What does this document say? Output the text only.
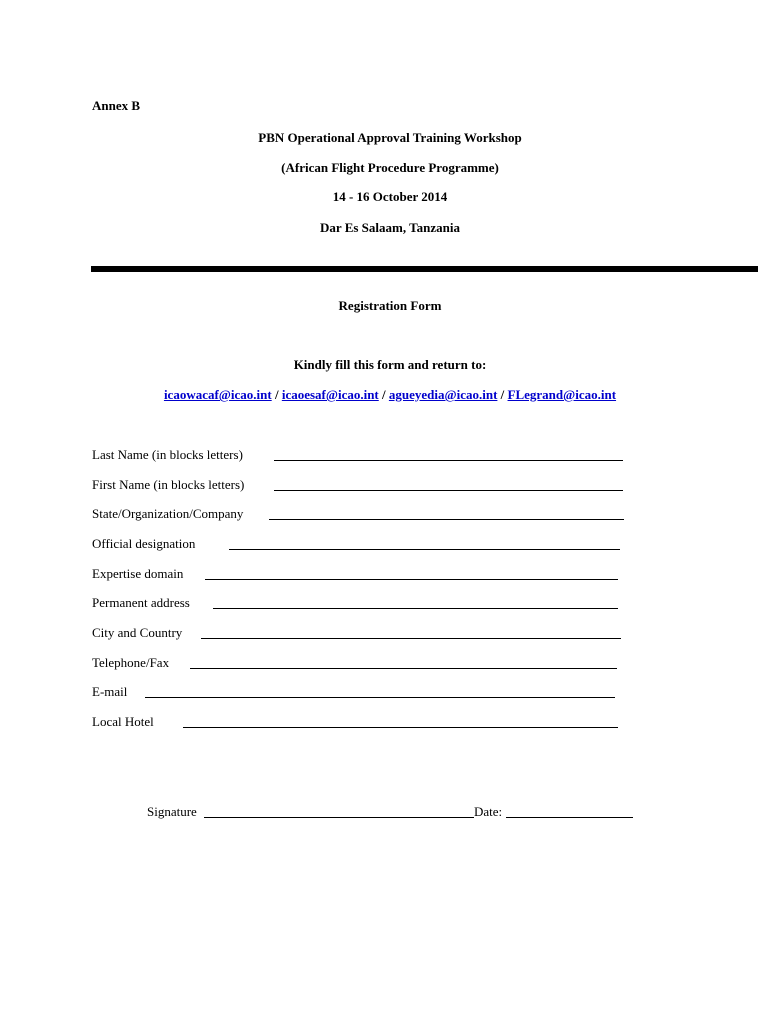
Annex B
PBN Operational Approval Training Workshop
(African Flight Procedure Programme)
14 - 16 October 2014
Dar Es Salaam, Tanzania
Registration Form
Kindly fill this form and return to:
icaowacaf@icao.int / icaoesaf@icao.int / agueyedia@icao.int / FLegrand@icao.int
Last Name (in blocks letters)
First Name (in blocks letters)
State/Organization/Company
Official designation
Expertise domain
Permanent address
City and Country
Telephone/Fax
E-mail
Local Hotel
Signature	Date:
